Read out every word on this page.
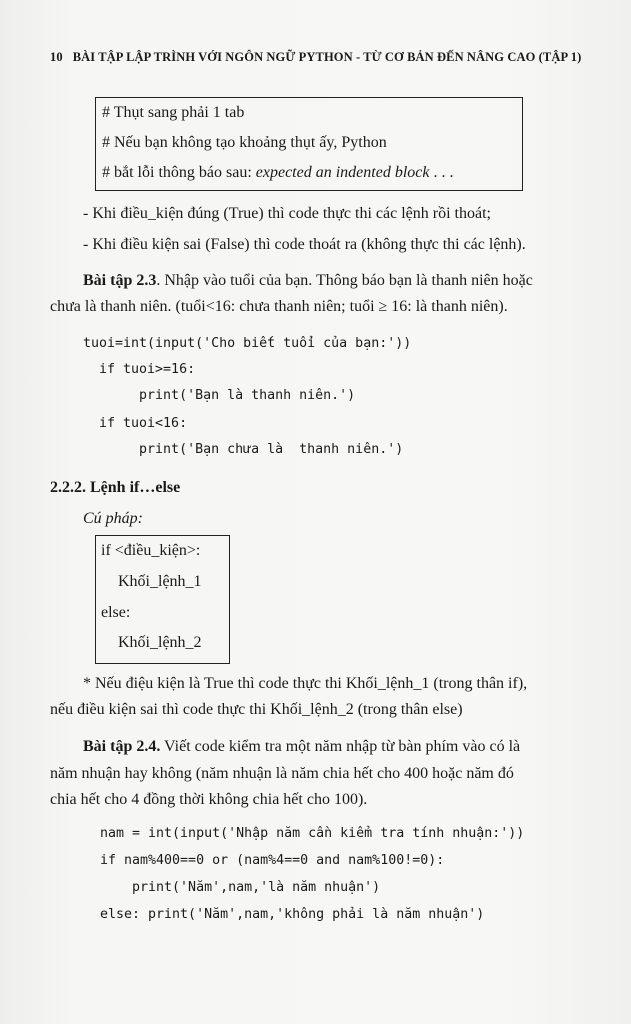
10 BÀI TẬP LẬP TRÌNH VỚI NGÔN NGỮ PYTHON - TỪ CƠ BẢN ĐẾN NÂNG CAO (TẬP 1)
# Thụt sang phải 1 tab
# Nếu bạn không tạo khoảng thụt ấy, Python
# bắt lỗi thông báo sau: expected an indented block . . .
- Khi điều_kiện đúng (True) thì code thực thi các lệnh rồi thoát;
- Khi điều kiện sai (False) thì code thoát ra (không thực thi các lệnh).
Bài tập 2.3. Nhập vào tuổi của bạn. Thông báo bạn là thanh niên hoặc
chưa là thanh niên. (tuổi<16: chưa thanh niên; tuổi ≥ 16: là thanh niên).
tuoi=int(input('Cho biết tuổi của bạn:'))
if tuoi>=16:
print('Bạn là thanh niên.')
if tuoi<16:
print('Bạn chưa là  thanh niên.')
2.2.2. Lệnh if…else
Cú pháp:
if <điều_kiện>:
Khối_lệnh_1
else:
Khối_lệnh_2
* Nếu điệu kiện là True thì code thực thi Khối_lệnh_1 (trong thân if),
nếu điều kiện sai thì code thực thi Khối_lệnh_2 (trong thân else)
Bài tập 2.4. Viết code kiểm tra một năm nhập từ bàn phím vào có là
năm nhuận hay không (năm nhuận là năm chia hết cho 400 hoặc năm đó
chia hết cho 4 đồng thời không chia hết cho 100).
nam = int(input('Nhập năm cần kiểm tra tính nhuận:'))
if nam%400==0 or (nam%4==0 and nam%100!=0):
print('Năm',nam,'là năm nhuận')
else: print('Năm',nam,'không phải là năm nhuận')
